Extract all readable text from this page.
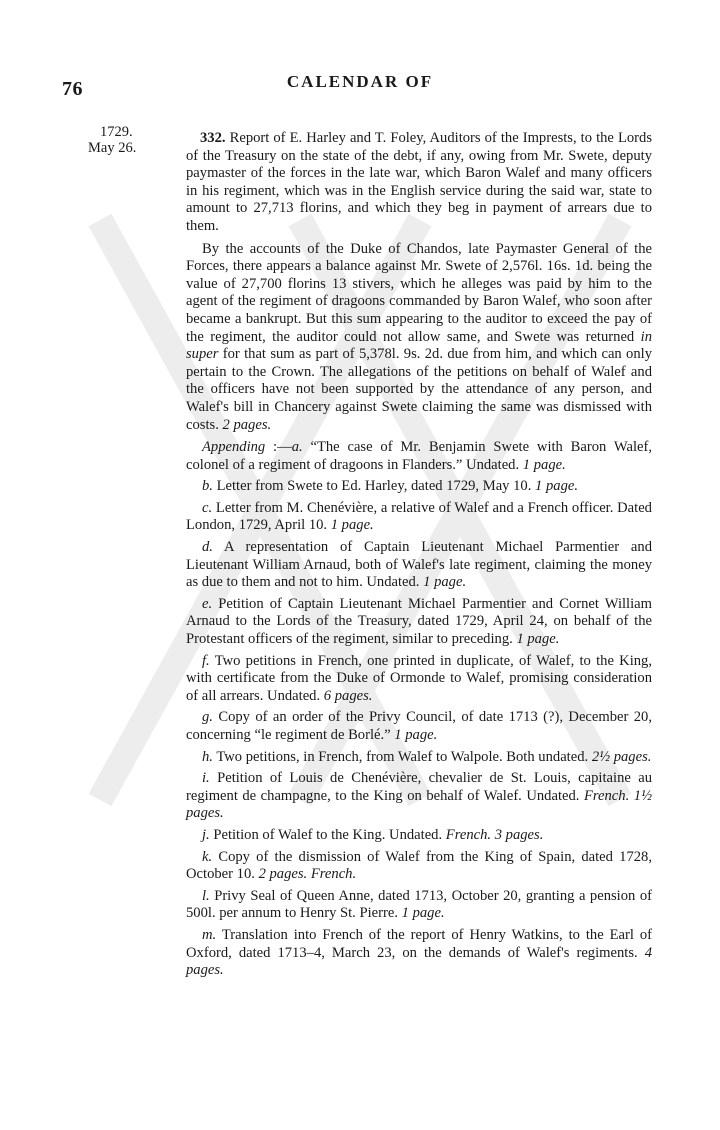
76	CALENDAR OF
1729.
May 26.

332. Report of E. Harley and T. Foley, Auditors of the Imprests, to the Lords of the Treasury on the state of the debt, if any, owing from Mr. Swete, deputy paymaster of the forces in the late war, which Baron Walef and many officers in his regiment, which was in the English service during the said war, state to amount to 27,713 florins, and which they beg in payment of arrears due to them.

By the accounts of the Duke of Chandos, late Paymaster General of the Forces, there appears a balance against Mr. Swete of 2,576l. 16s. 1d. being the value of 27,700 florins 13 stivers, which he alleges was paid by him to the agent of the regiment of dragoons commanded by Baron Walef, who soon after became a bankrupt. But this sum appearing to the auditor to exceed the pay of the regiment, the auditor could not allow same, and Swete was returned in super for that sum as part of 5,378l. 9s. 2d. due from him, and which can only pertain to the Crown. The allegations of the petitions on behalf of Walef and the officers have not been supported by the attendance of any person, and Walef's bill in Chancery against Swete claiming the same was dismissed with costs. 2 pages.

Appending :—a. “The case of Mr. Benjamin Swete with Baron Walef, colonel of a regiment of dragoons in Flanders.” Undated. 1 page.

b. Letter from Swete to Ed. Harley, dated 1729, May 10. 1 page.

c. Letter from M. Chenévière, a relative of Walef and a French officer. Dated London, 1729, April 10. 1 page.

d. A representation of Captain Lieutenant Michael Parmentier and Lieutenant William Arnaud, both of Walef's late regiment, claiming the money as due to them and not to him. Undated. 1 page.

e. Petition of Captain Lieutenant Michael Parmentier and Cornet William Arnaud to the Lords of the Treasury, dated 1729, April 24, on behalf of the Protestant officers of the regiment, similar to preceding. 1 page.

f. Two petitions in French, one printed in duplicate, of Walef, to the King, with certificate from the Duke of Ormonde to Walef, promising consideration of all arrears. Undated. 6 pages.

g. Copy of an order of the Privy Council, of date 1713 (?), December 20, concerning “le regiment de Borlé.” 1 page.

h. Two petitions, in French, from Walef to Walpole. Both undated. 2½ pages.

i. Petition of Louis de Chenévière, chevalier de St. Louis, capitaine au regiment de champagne, to the King on behalf of Walef. Undated. French. 1½ pages.

j. Petition of Walef to the King. Undated. French. 3 pages.

k. Copy of the dismission of Walef from the King of Spain, dated 1728, October 10. 2 pages. French.

l. Privy Seal of Queen Anne, dated 1713, October 20, granting a pension of 500l. per annum to Henry St. Pierre. 1 page.

m. Translation into French of the report of Henry Watkins, to the Earl of Oxford, dated 1713–4, March 23, on the demands of Walef's regiments. 4 pages.
